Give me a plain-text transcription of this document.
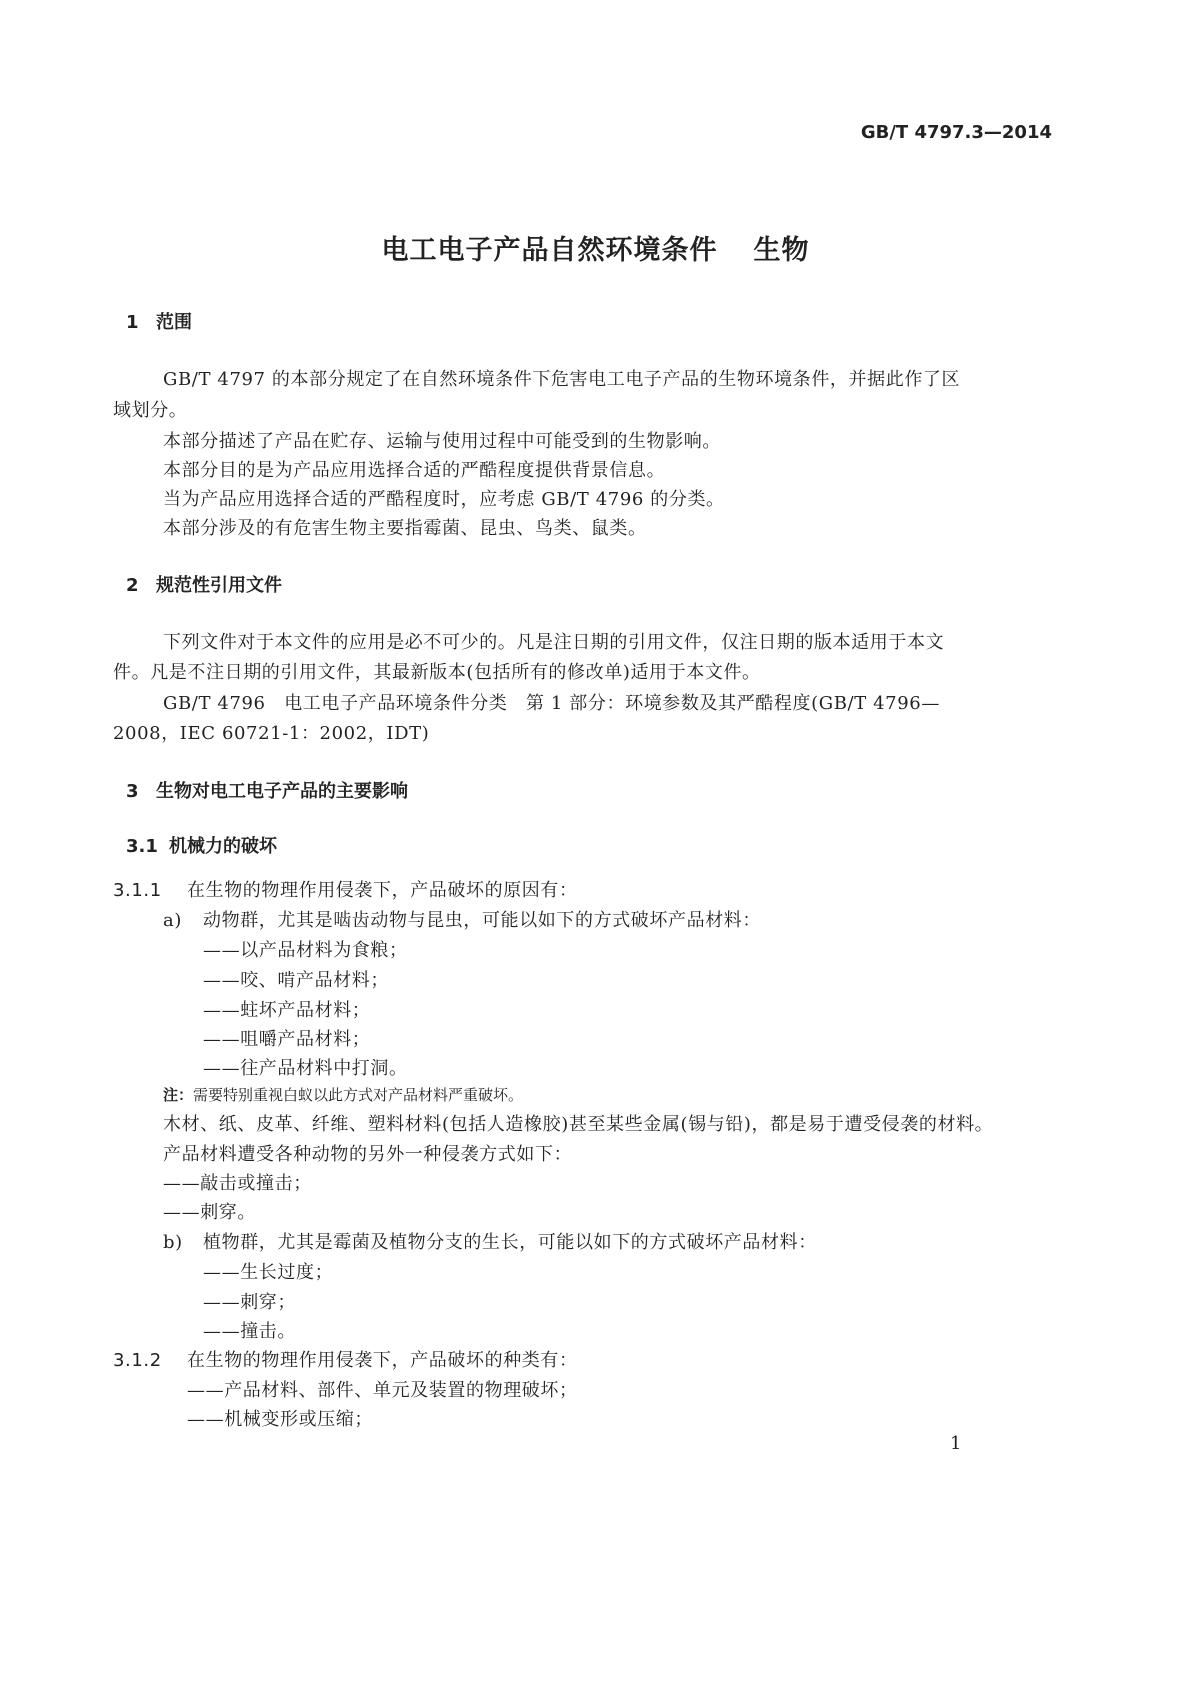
GB/T 4797.3—2014
电工电子产品自然环境条件 生物
1 范围
GB/T 4797 的本部分规定了在自然环境条件下危害电工电子产品的生物环境条件，并据此作了区
域划分。
本部分描述了产品在贮存、运输与使用过程中可能受到的生物影响。
本部分目的是为产品应用选择合适的严酷程度提供背景信息。
当为产品应用选择合适的严酷程度时，应考虑 GB/T 4796 的分类。
本部分涉及的有危害生物主要指霉菌、昆虫、鸟类、鼠类。
2 规范性引用文件
下列文件对于本文件的应用是必不可少的。凡是注日期的引用文件，仅注日期的版本适用于本文
件。凡是不注日期的引用文件，其最新版本(包括所有的修改单)适用于本文件。
GB/T 4796　电工电子产品环境条件分类　第 1 部分：环境参数及其严酷程度(GB/T 4796—
2008，IEC 60721-1：2002，IDT)
3 生物对电工电子产品的主要影响
3.1 机械力的破坏
3.1.1 在生物的物理作用侵袭下，产品破坏的原因有：
a) 动物群，尤其是啮齿动物与昆虫，可能以如下的方式破坏产品材料：
——以产品材料为食粮；
——咬、啃产品材料；
——蛀坏产品材料；
——咀嚼产品材料；
——往产品材料中打洞。
注：需要特别重视白蚁以此方式对产品材料严重破坏。
木材、纸、皮革、纤维、塑料材料(包括人造橡胶)甚至某些金属(锡与铅)，都是易于遭受侵袭的材料。
产品材料遭受各种动物的另外一种侵袭方式如下：
——敲击或撞击；
——刺穿。
b) 植物群，尤其是霉菌及植物分支的生长，可能以如下的方式破坏产品材料：
——生长过度；
——刺穿；
——撞击。
3.1.2 在生物的物理作用侵袭下，产品破坏的种类有：
——产品材料、部件、单元及装置的物理破坏；
——机械变形或压缩；
1
